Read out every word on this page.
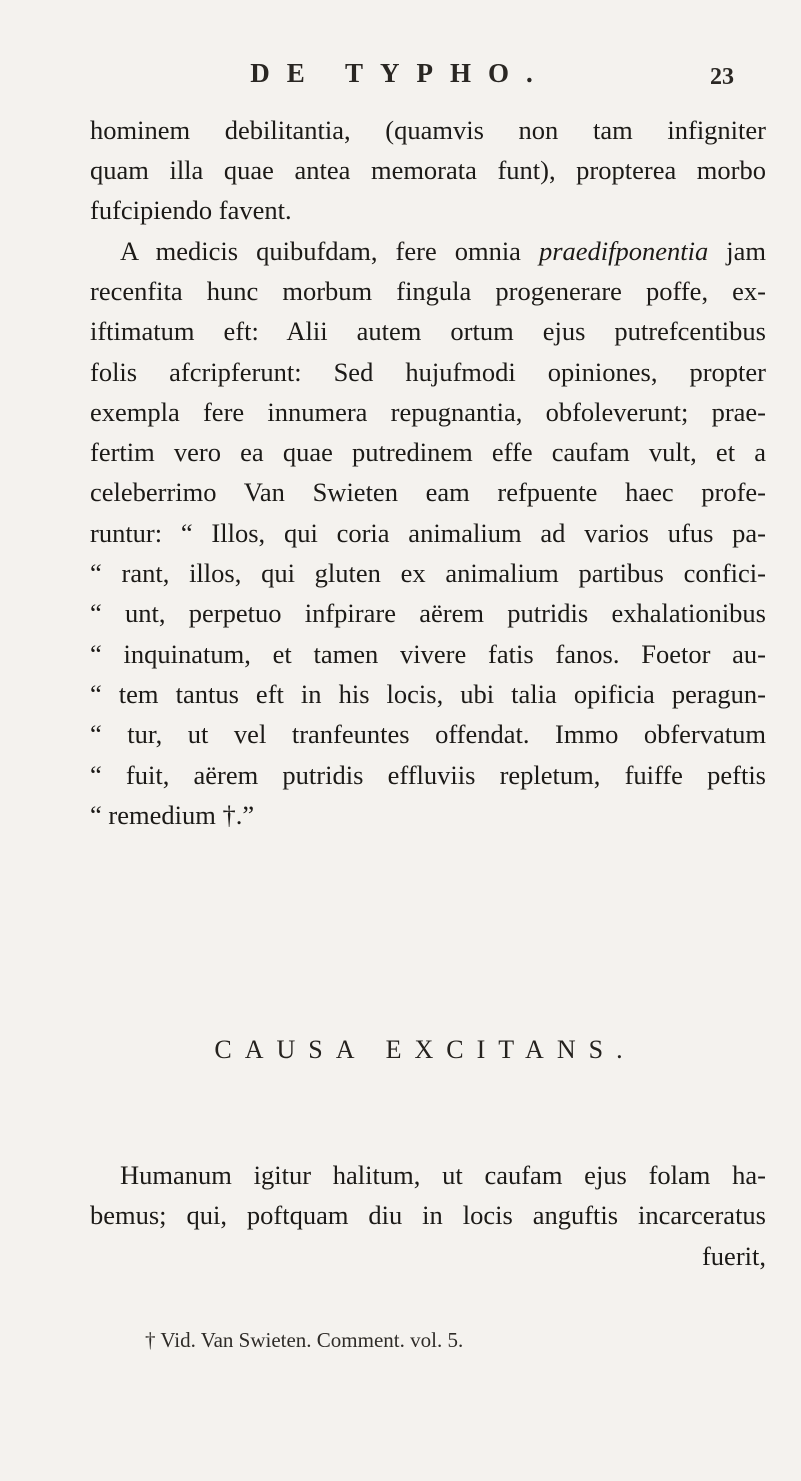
DE TYPHO.	23
hominem debilitantia, (quamvis non tam infigniter
quam illa quae antea memorata funt), propterea morbo
fufcipiendo favent.
A medicis quibufdam, fere omnia praedifponentia jam
recenfita hunc morbum fingula progenerare poffe, ex-
iftimatum eft: Alii autem ortum ejus putrefcentibus
folis afcripferunt: Sed hujufmodi opiniones, propter
exempla fere innumera repugnantia, obfoleverunt; prae-
fertim vero ea quae putredinem effe caufam vult, et a
celeberrimo Van Swieten eam refpuente haec profe-
runtur: “ Illos, qui coria animalium ad varios ufus pa-
“ rant, illos, qui gluten ex animalium partibus confici-
“ unt, perpetuo infpirare aërem putridis exhalationibus
“ inquinatum, et tamen vivere fatis fanos. Foetor au-
“ tem tantus eft in his locis, ubi talia opificia peragun-
“ tur, ut vel tranfeuntes offendat. Immo obfervatum
“ fuit, aërem putridis effluviis repletum, fuiffe peftis
“ remedium †.”
CAUSA EXCITANS.
Humanum igitur halitum, ut caufam ejus folam ha-
bemus; qui, poftquam diu in locis anguftis incarceratus
fuerit,
† Vid. Van Swieten. Comment. vol. 5.
